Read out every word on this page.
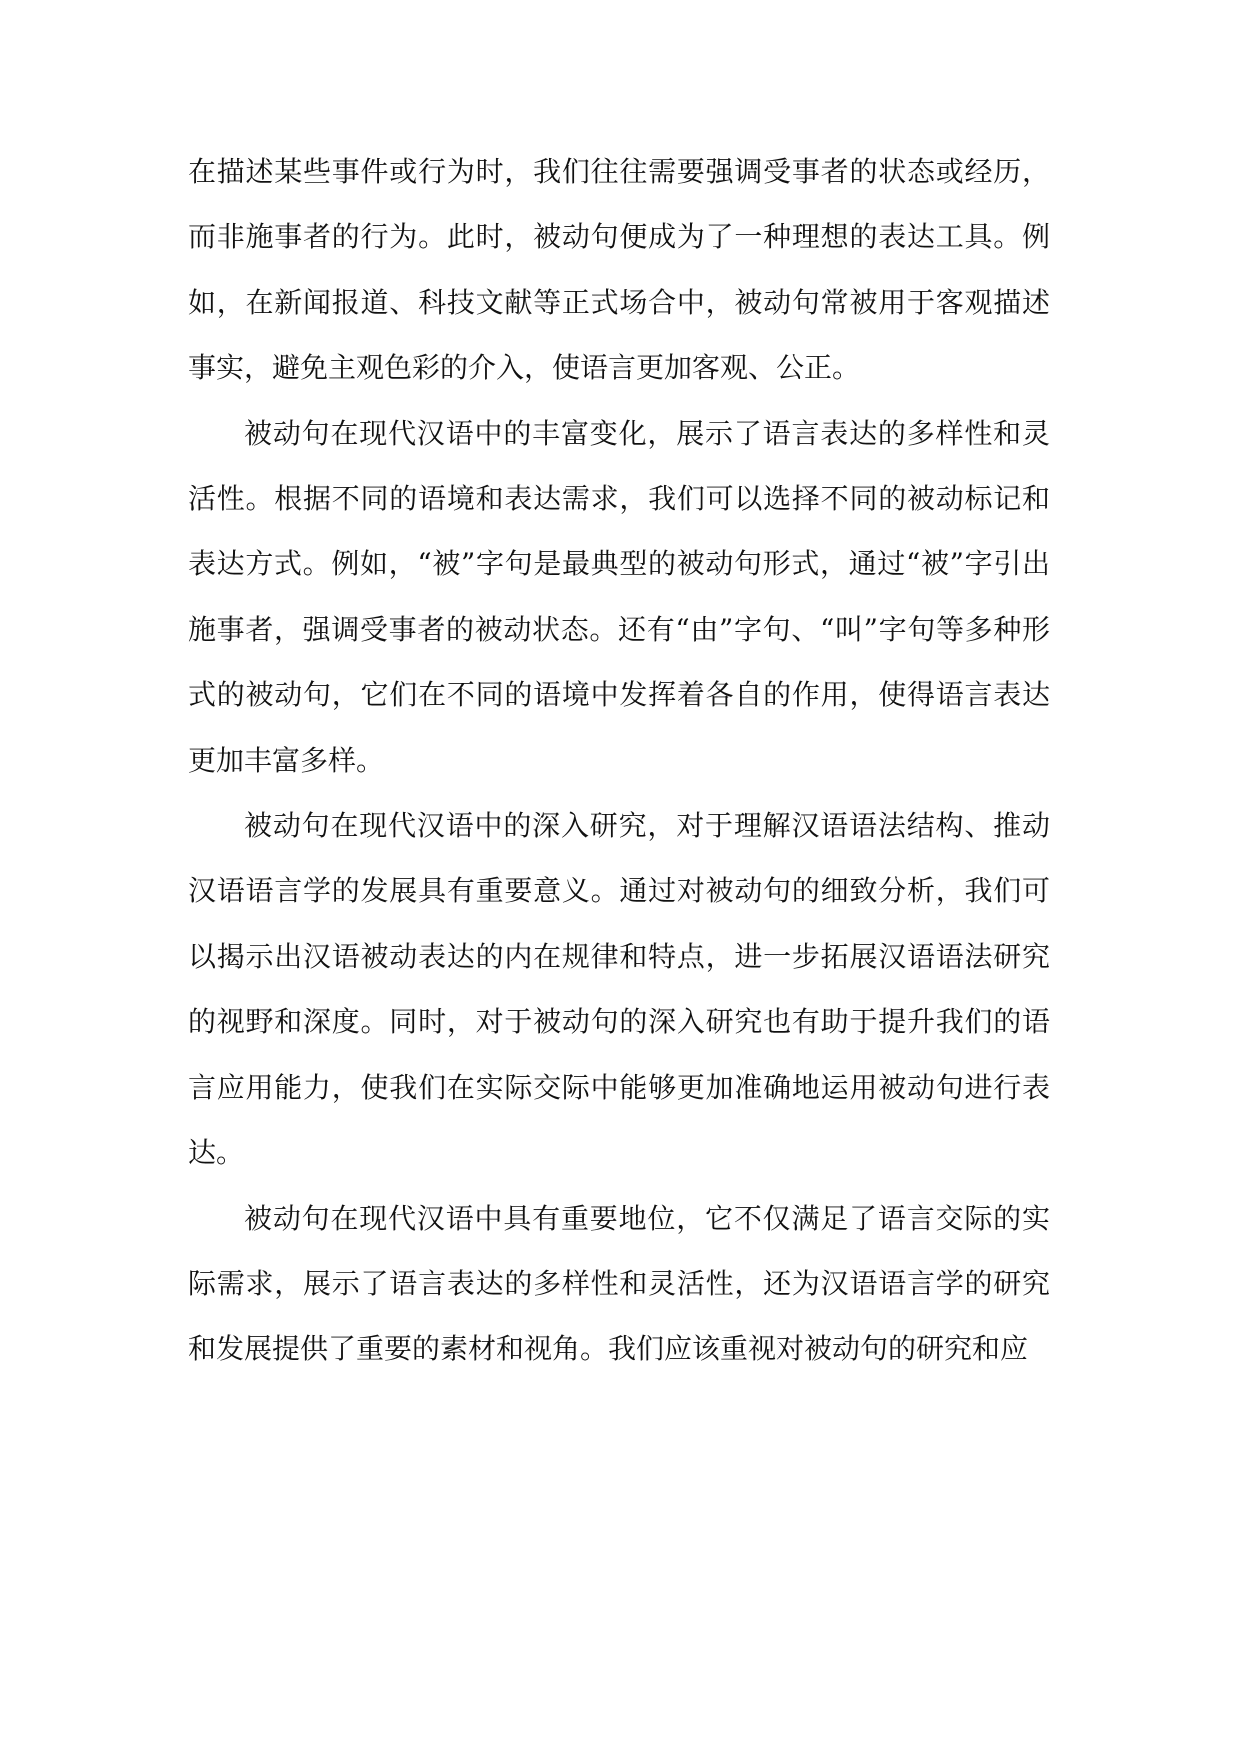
在描述某些事件或行为时，我们往往需要强调受事者的状态或经历，而非施事者的行为。此时，被动句便成为了一种理想的表达工具。例如，在新闻报道、科技文献等正式场合中，被动句常被用于客观描述事实，避免主观色彩的介入，使语言更加客观、公正。

被动句在现代汉语中的丰富变化，展示了语言表达的多样性和灵活性。根据不同的语境和表达需求，我们可以选择不同的被动标记和表达方式。例如，“被”字句是最典型的被动句形式，通过“被”字引出施事者，强调受事者的被动状态。还有“由”字句、“叫”字句等多种形式的被动句，它们在不同的语境中发挥着各自的作用，使得语言表达更加丰富多样。

被动句在现代汉语中的深入研究，对于理解汉语语法结构、推动汉语语言学的发展具有重要意义。通过对被动句的细致分析，我们可以揭示出汉语被动表达的内在规律和特点，进一步拓展汉语语法研究的视野和深度。同时，对于被动句的深入研究也有助于提升我们的语言应用能力，使我们在实际交际中能够更加准确地运用被动句进行表达。

被动句在现代汉语中具有重要地位，它不仅满足了语言交际的实际需求，展示了语言表达的多样性和灵活性，还为汉语语言学的研究和发展提供了重要的素材和视角。我们应该重视对被动句的研究和应
